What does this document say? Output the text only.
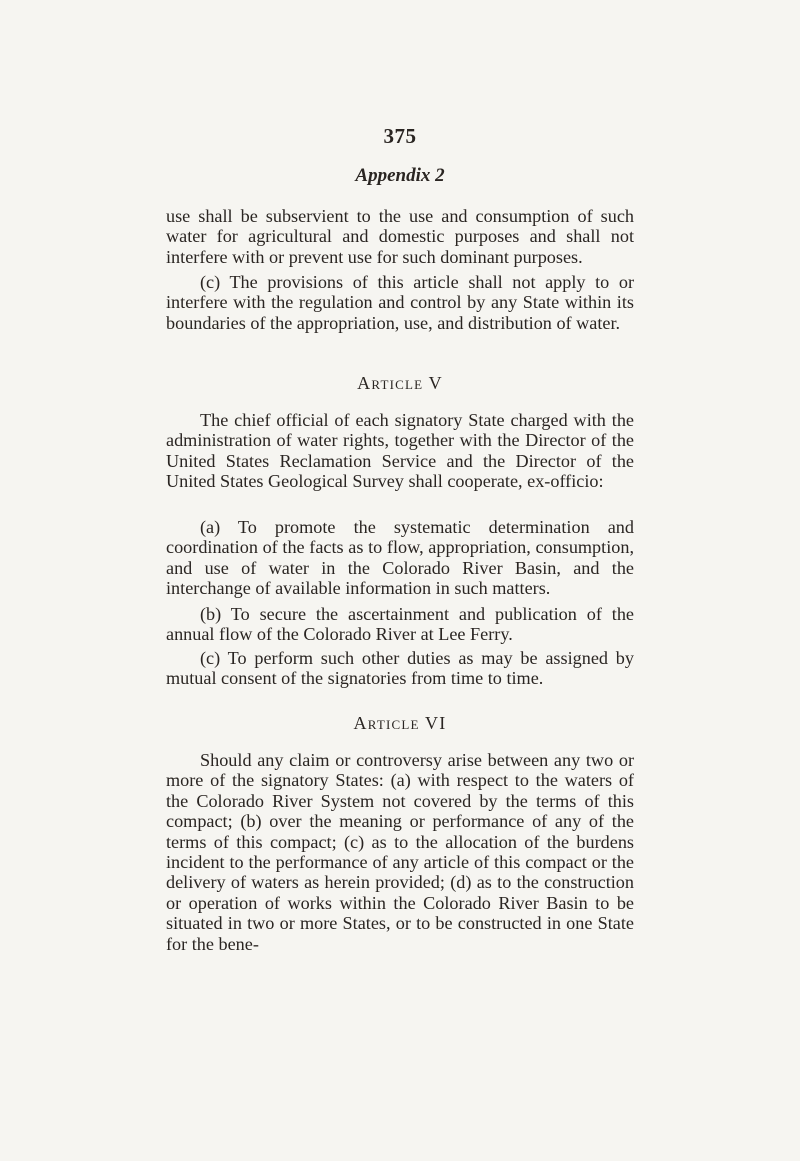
375
Appendix 2

use shall be subservient to the use and consumption of such water for agricultural and domestic purposes and shall not interfere with or prevent use for such dominant purposes.

(c) The provisions of this article shall not apply to or interfere with the regulation and control by any State within its boundaries of the appropriation, use, and distribution of water.

Article V

The chief official of each signatory State charged with the administration of water rights, together with the Director of the United States Reclamation Service and the Director of the United States Geological Survey shall cooperate, ex-officio:

(a) To promote the systematic determination and coordination of the facts as to flow, appropriation, consumption, and use of water in the Colorado River Basin, and the interchange of available information in such matters.

(b) To secure the ascertainment and publication of the annual flow of the Colorado River at Lee Ferry.

(c) To perform such other duties as may be assigned by mutual consent of the signatories from time to time.

Article VI

Should any claim or controversy arise between any two or more of the signatory States: (a) with respect to the waters of the Colorado River System not covered by the terms of this compact; (b) over the meaning or performance of any of the terms of this compact; (c) as to the allocation of the burdens incident to the performance of any article of this compact or the delivery of waters as herein provided; (d) as to the construction or operation of works within the Colorado River Basin to be situated in two or more States, or to be constructed in one State for the bene-
